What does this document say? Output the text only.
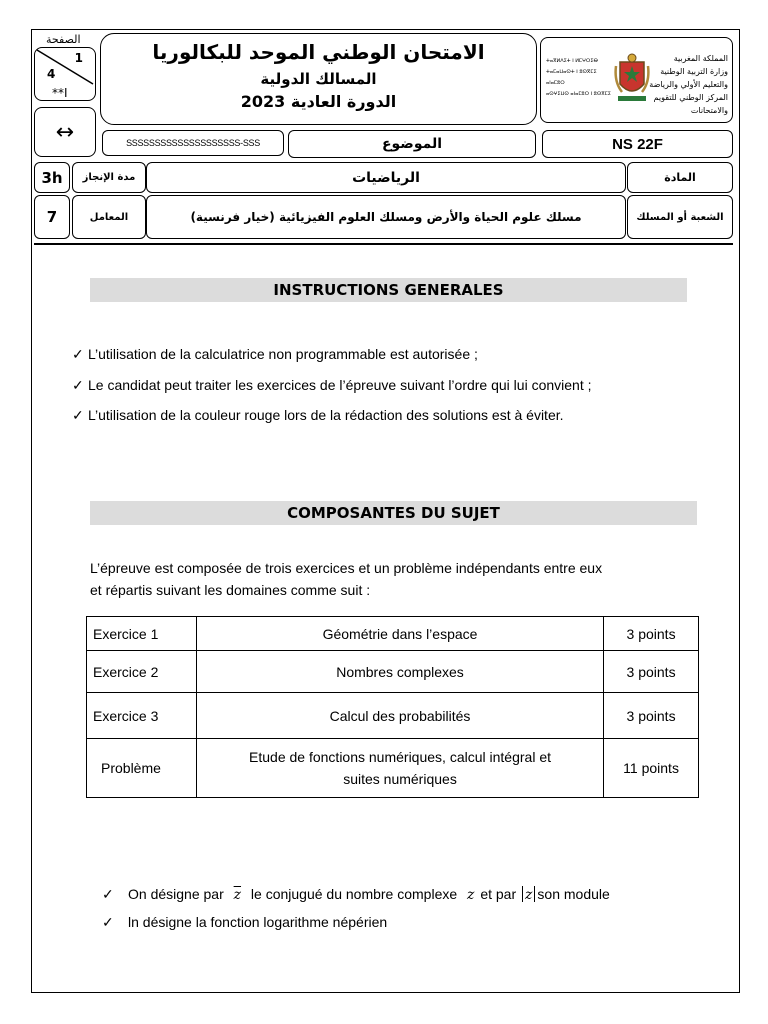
1
4
الصفحة
**I
↔
الامتحان الوطني الموحد للبكالوريا
المسالك الدولية
الدورة العادية 2023
ⵜⴰⴳⵍⴷⵉⵜ ⵏ ⵍⵎⵖⵔⵉⴱ
ⵜⴰⵎⴰⵡⴰⵙⵜ ⵏ ⵓⵙⴳⵎⵉ ⴰⵏⴰⵎⵓⵔ
ⴰⵙⵖⵉⵡⵙ ⴰⵏⴰⵎⵓⵔ ⵏ ⵓⵙⴳⵎⵉ
المملكة المغربية
وزارة التربية الوطنية
والتعليم الأولي والرياضة
المركز الوطني للتقويم والامتحانات
SSSSSSSSSSSSSSSSSSSS-SSS	الموضوع	NS 22F
3h مدة الإنجاز	الرياضيات	المادة
7	المعامل	مسلك علوم الحياة والأرض ومسلك العلوم الفيزيائية (خيار فرنسية)	الشعبة أو المسلك
INSTRUCTIONS GENERALES
✓ L’utilisation de la calculatrice non programmable est autorisée ;
✓ Le candidat peut traiter les exercices de l’épreuve suivant l’ordre qui lui convient ;
✓ L’utilisation de la couleur rouge lors de la rédaction des solutions est à éviter.
COMPOSANTES DU SUJET
L’épreuve est composée de trois exercices et un problème indépendants entre eux
et répartis suivant les domaines comme suit :
Exercice 1	Géométrie dans l’espace	3 points
Exercice 2	Nombres complexes	3 points
Exercice 3	Calcul des probabilités	3 points
Problème	Etude de fonctions numériques, calcul intégral et
suites numériques	11 points
✓ On désigne par $\overline{z}$ le conjugué du nombre complexe z et par z son module
✓ ln désigne la fonction logarithme népérien
